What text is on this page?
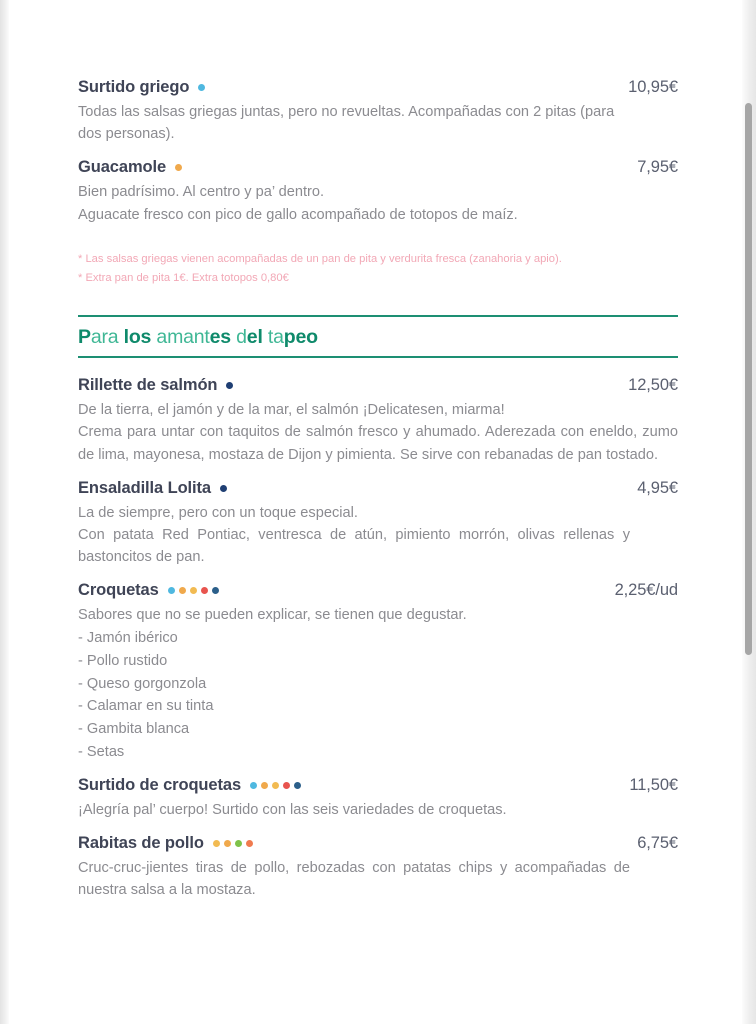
Surtido griego	10,95€
Todas las salsas griegas juntas, pero no revueltas. Acompañadas con 2 pitas (para dos personas).
Guacamole	7,95€

Bien padrísimo. Al centro y pa’ dentro.

Aguacate fresco con pico de gallo acompañado de totopos de maíz.

* Las salsas griegas vienen acompañadas de un pan de pita y verdurita fresca (zanahoria y apio).

* Extra pan de pita 1€. Extra totopos 0,80€

Para los amantes del tapeo
Rillette de salmón	12,50€

De la tierra, el jamón y de la mar, el salmón ¡Delicatesen, miarma!

Crema para untar con taquitos de salmón fresco y ahumado. Aderezada con eneldo, zumo de lima, mayonesa, mostaza de Dijon y pimienta. Se sirve con rebanadas de pan tostado.

Ensaladilla Lolita	4,95€

La de siempre, pero con un toque especial.

Con patata Red Pontiac, ventresca de atún, pimiento morrón, olivas rellenas y bastoncitos de pan.

Croquetas	2,25€/ud

Sabores que no se pueden explicar, se tienen que degustar.

- Jamón ibérico

- Pollo rustido

- Queso gorgonzola

- Calamar en su tinta

- Gambita blanca

- Setas

Surtido de croquetas	11,50€
¡Alegría pal’ cuerpo! Surtido con las seis variedades de croquetas.
Rabitas de pollo	6,75€
Cruc-cruc-jientes tiras de pollo, rebozadas con patatas chips y acompañadas de nuestra salsa a la mostaza.
